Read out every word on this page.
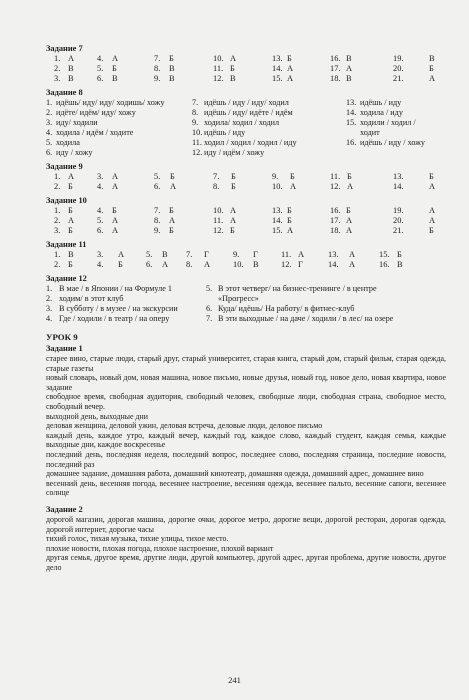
Задание 7
1. А	4. А	7. Б	10. А	13. Б	16. В	19.	В
2. В	5. Б	8. В	11. Б	14. А	17. А	20.	Б
3. В	6. В	9. В	12. В	15. А	18. В	21.	А
Задание 8
1. идёшь/ иду/ иду/ ходишь/ хожу	7. идёшь / иду / иду/ ходил	13. идёшь / иду
2. идёте/ идём/ иду/ хожу	8. идёшь / иду/ идёте / идём	14. ходила / иду
3. иду/ ходили	9. ходила/ ходил / ходил	15. ходили / ходил /
4. ходила / идём / ходите	10. идёшь / иду	ходит
5. ходила	11. ходил / ходил / ходил / иду	16. идёшь / иду / хожу
6. иду / хожу	12. иду / идём / хожу
Задание 9
1. А	3. А	5. Б	7. Б	9. Б	11. Б	13.	Б
2. Б	4. А	6. А	8. Б	10. А	12. А	14.	А
Задание 10
1. Б	4. Б	7. Б	10. А	13. Б	16. Б	19.	А
2. А	5. А	8. А	11. А	14. Б	17. А	20.	А
3. Б	6. А	9. Б	12. Б	15. А	18. А	21.	Б
Задание 11
1. В	3. А	5. В 7. Г	9. Г	11. А	13. А	15. Б
2. Б	4. Б	6. А 8. А	10. В	12. Г	14. А	16. В
Задание 12
1. В мае / в Японии / на Формуле 1	5. В этот четверг/ на бизнес-тренинге / в центре
2. ходим/ в этот клуб	«Прогресс»
3. В субботу / в музее / на экскурсии	6. Куда/ идёшь/ На работу/ в фитнес-клуб
4. Где / ходили / в театр / на оперу	7. В эти выходные / на даче / ходили / в лес/ на озере
УРОК 9
Задание 1

старее вино, старые люди, старый друг, старый университет, старая книга, старый дом, старый фильм, старая одежда, старые газеты

новый словарь, новый дом, новая машина, новое письмо, новые друзья, новый год, новое дело, новая квартира, новое задание

свободное время, свободная аудитория, свободный человек, свободные люди, свободная страна, свободное место, свободный вечер.

выходной день, выходные дни

деловая женщина, деловой ужин, деловая встреча, деловые люди, деловое письмо

каждый день, каждое утро, каждый вечер, каждый год, каждое слово, каждый студент, каждая семья, каждые выходные дни, каждое воскресенье

последний день, последняя неделя, последний вопрос, последнее слово, последняя страница, последние новости, последний раз

домашнее задание, домашняя работа, домашний кинотеатр, домашняя одежда, домашний адрес, домашнее вино

весенний день, весенняя погода, весеннее настроение, весенняя одежда, весеннее пальто, весенние сапоги, весеннее солнце

Задание 2

дорогой магазин, дорогая машина, дорогие очки, дорогое метро, дорогие вещи, дорогой ресторан, дорогая одежда, дорогой интернет, дорогие часы

тихий голос, тихая музыка, тихие улицы, тихое место.

плохие новости, плохая погода, плохое настроение, плохой вариант

другая семья, другое время, другие люди, другой компьютер, другой адрес, другая проблема, другие новости, другое дело

241
